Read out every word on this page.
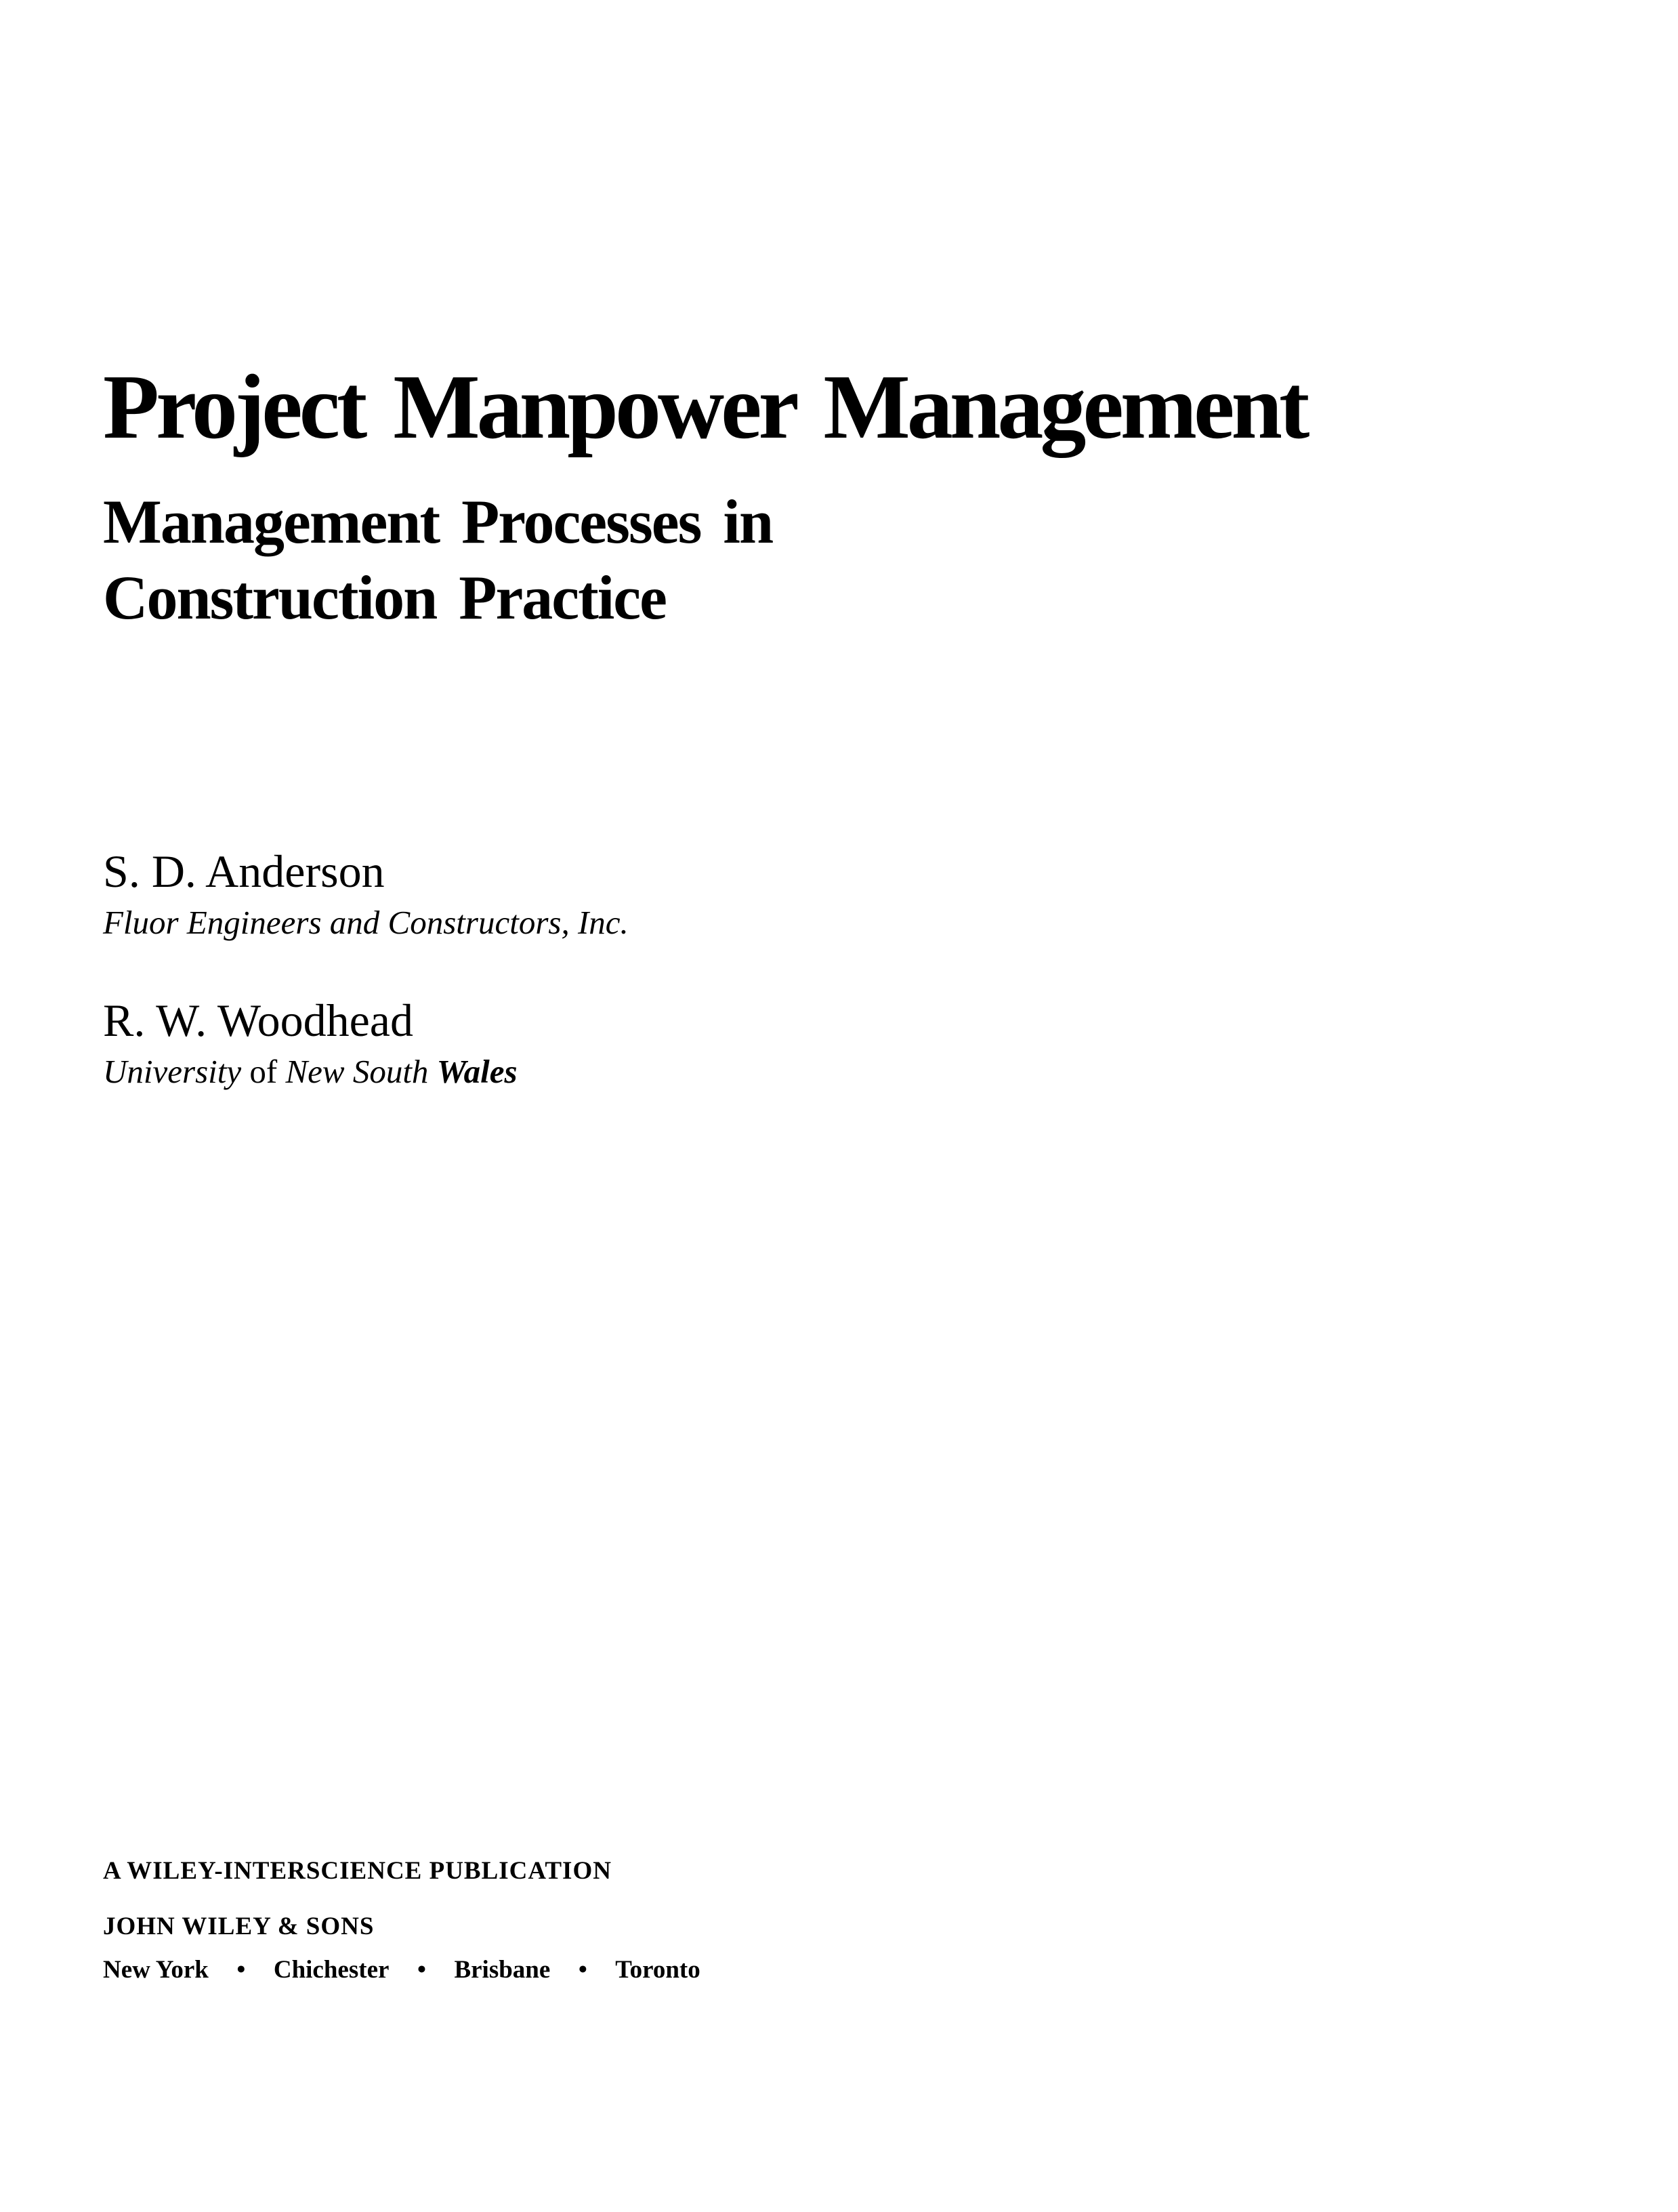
Project Manpower Management
Management Processes in
Construction Practice

S. D. Anderson

Fluor Engineers and Constructors, Inc.

R. W. Woodhead

University of New South Wales

A WILEY-INTERSCIENCE PUBLICATION

JOHN WILEY & SONS

New York • Chichester • Brisbane • Toronto
